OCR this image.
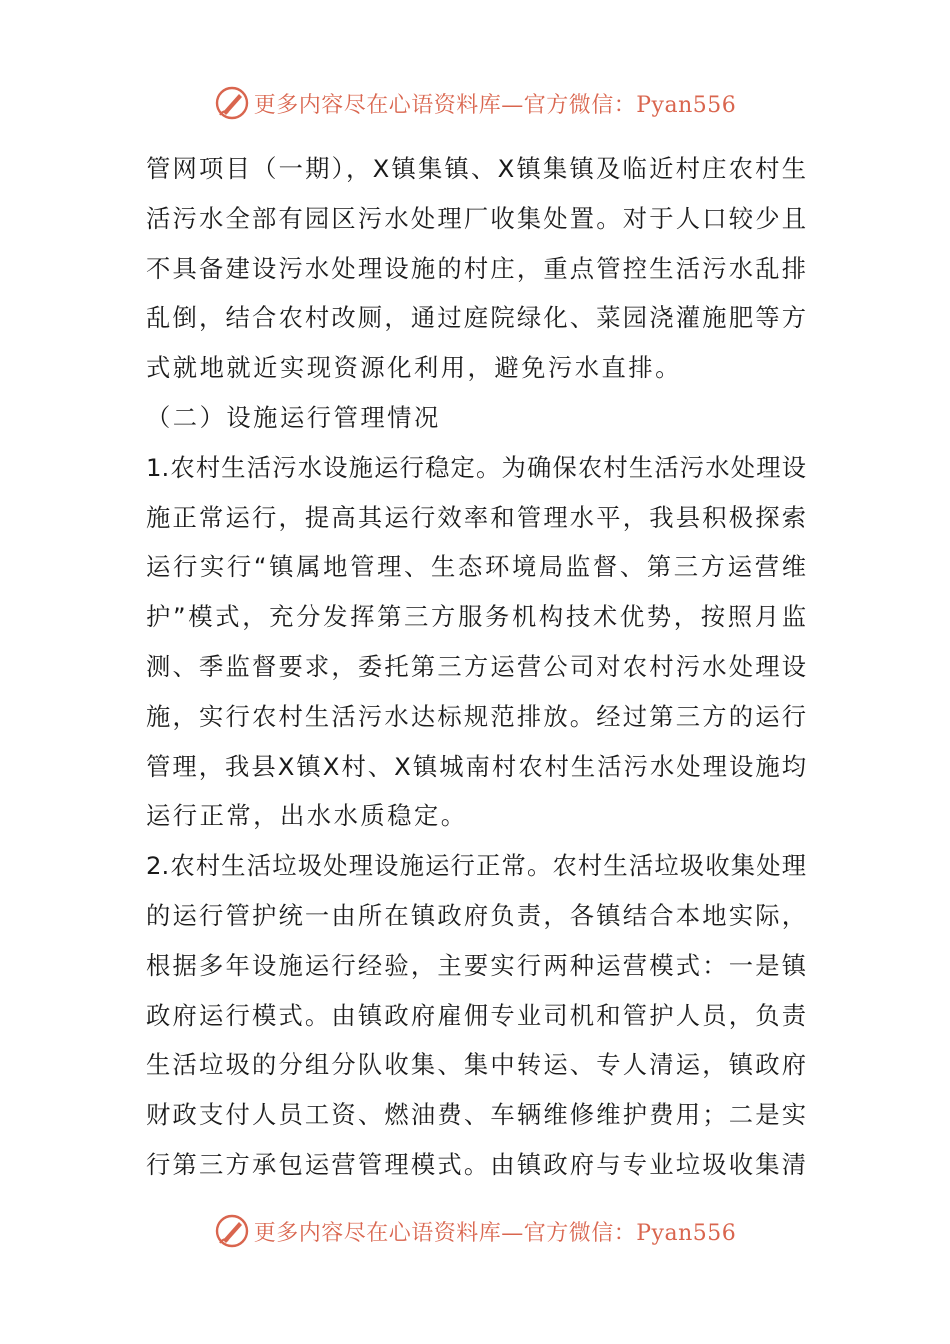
更多内容尽在心语资料库—官方微信：Pyan556
管网项目（一期），X镇集镇、X镇集镇及临近村庄农村生
活污水全部有园区污水处理厂收集处置。对于人口较少且
不具备建设污水处理设施的村庄，重点管控生活污水乱排
乱倒，结合农村改厕，通过庭院绿化、菜园浇灌施肥等方
式就地就近实现资源化利用，避免污水直排。
（二）设施运行管理情况
1.农村生活污水设施运行稳定。为确保农村生活污水处理设
施正常运行，提高其运行效率和管理水平，我县积极探索
运行实行“镇属地管理、生态环境局监督、第三方运营维
护”模式，充分发挥第三方服务机构技术优势，按照月监
测、季监督要求，委托第三方运营公司对农村污水处理设
施，实行农村生活污水达标规范排放。经过第三方的运行
管理，我县X镇X村、X镇城南村农村生活污水处理设施均
运行正常，出水水质稳定。
2.农村生活垃圾处理设施运行正常。农村生活垃圾收集处理
的运行管护统一由所在镇政府负责，各镇结合本地实际，
根据多年设施运行经验，主要实行两种运营模式：一是镇
政府运行模式。由镇政府雇佣专业司机和管护人员，负责
生活垃圾的分组分队收集、集中转运、专人清运，镇政府
财政支付人员工资、燃油费、车辆维修维护费用；二是实
行第三方承包运营管理模式。由镇政府与专业垃圾收集清
更多内容尽在心语资料库—官方微信：Pyan556
